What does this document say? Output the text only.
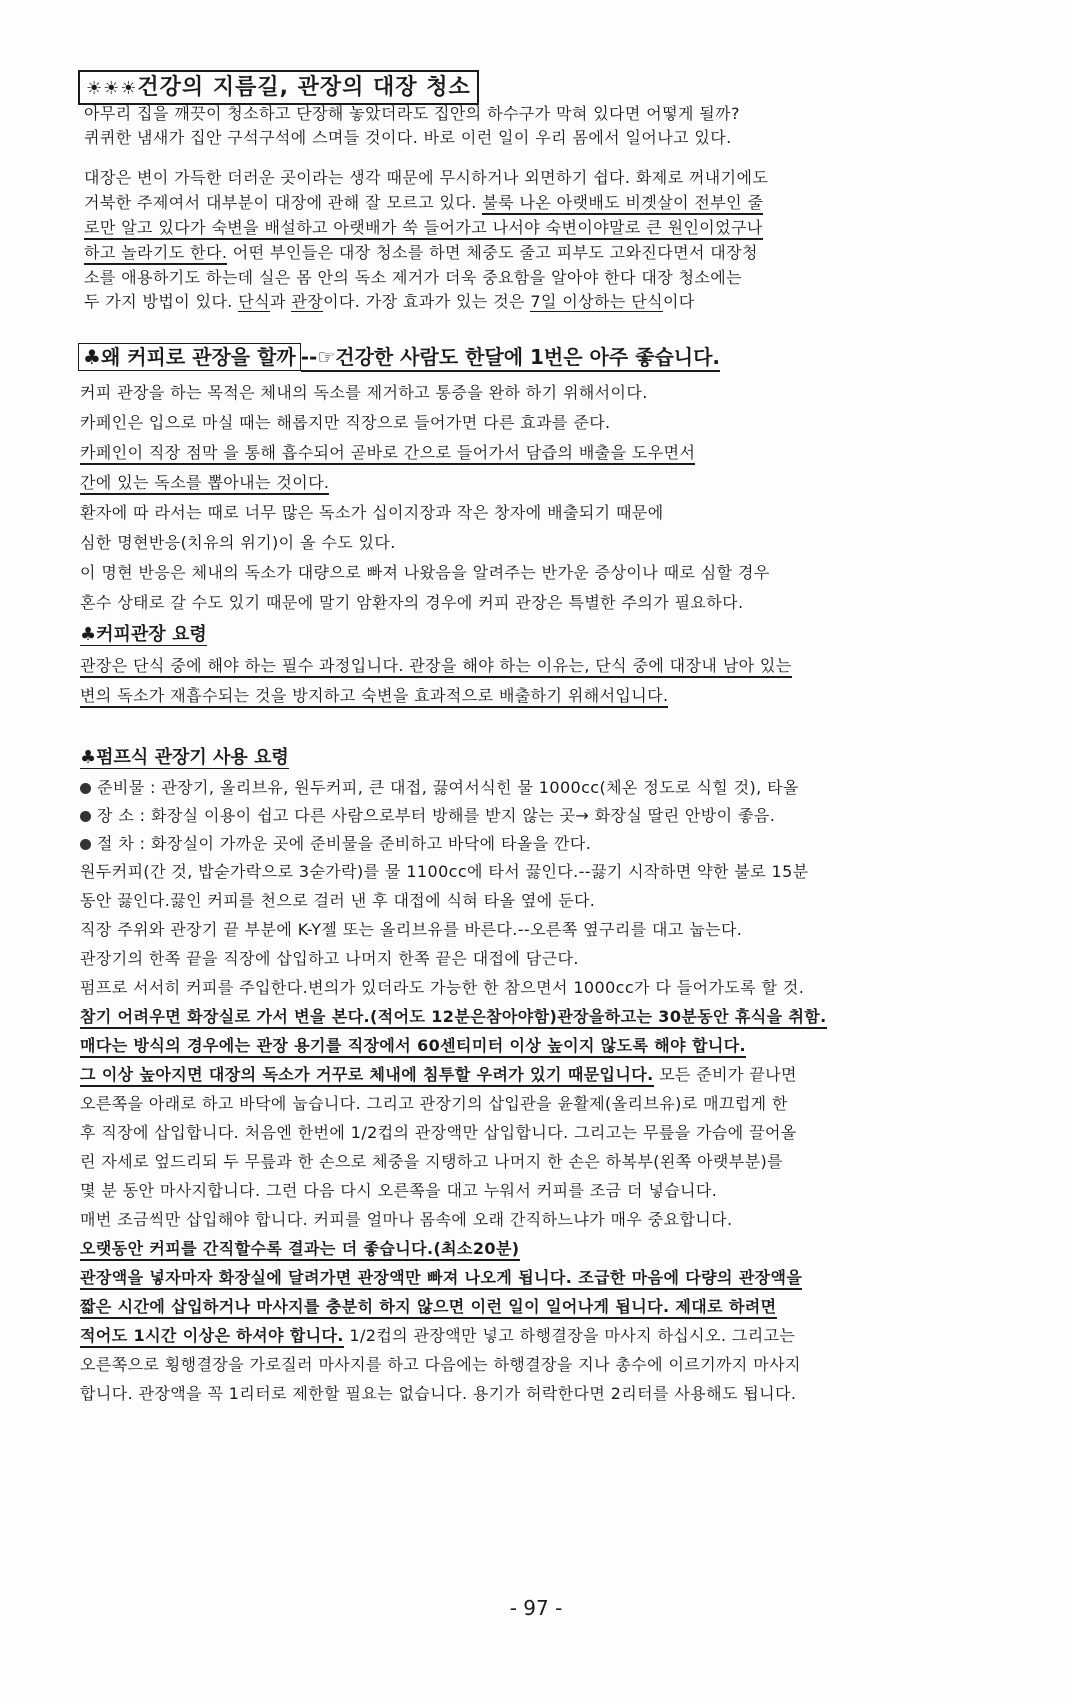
☀☀☀건강의 지름길, 관장의 대장 청소
아무리 집을 깨끗이 청소하고 단장해 놓았더라도 집안의 하수구가 막혀 있다면 어떻게 될까?
퀴퀴한 냄새가 집안 구석구석에 스며들 것이다. 바로 이런 일이 우리 몸에서 일어나고 있다.
대장은 변이 가득한 더러운 곳이라는 생각 때문에 무시하거나 외면하기 쉽다. 화제로 꺼내기에도
거북한 주제여서 대부분이 대장에 관해 잘 모르고 있다. 불룩 나온 아랫배도 비곗살이 전부인 줄
로만 알고 있다가 숙변을 배설하고 아랫배가 쑥 들어가고 나서야 숙변이야말로 큰 원인이었구나
하고 놀라기도 한다. 어떤 부인들은 대장 청소를 하면 체중도 줄고 피부도 고와진다면서 대장청
소를 애용하기도 하는데 실은 몸 안의 독소 제거가 더욱 중요함을 알아야 한다 대장 청소에는
두 가지 방법이 있다. 단식과 관장이다. 가장 효과가 있는 것은 7일 이상하는 단식이다
♣왜 커피로 관장을 할까 --☞건강한 사람도 한달에 1번은 아주 좋습니다.
커피 관장을 하는 목적은 체내의 독소를 제거하고 통증을 완하 하기 위해서이다.
카페인은 입으로 마실 때는 해롭지만 직장으로 들어가면 다른 효과를 준다.
카페인이 직장 점막 을 통해 흡수되어 곧바로 간으로 들어가서 담즙의 배출을 도우면서
간에 있는 독소를 뽑아내는 것이다.
환자에 따 라서는 때로 너무 많은 독소가 십이지장과 작은 창자에 배출되기 때문에
심한 명현반응(치유의 위기)이 올 수도 있다.
이 명현 반응은 체내의 독소가 대량으로 빠져 나왔음을 알려주는 반가운 증상이나 때로 심할 경우
혼수 상태로 갈 수도 있기 때문에 말기 암환자의 경우에 커피 관장은 특별한 주의가 필요하다.
♣커피관장 요령
관장은 단식 중에 해야 하는 필수 과정입니다. 관장을 해야 하는 이유는, 단식 중에 대장내 남아 있는
변의 독소가 재흡수되는 것을 방지하고 숙변을 효과적으로 배출하기 위해서입니다.
♣펌프식 관장기 사용 요령
준비물 : 관장기, 올리브유, 원두커피, 큰 대접, 끓여서식힌 물 1000cc(체온 정도로 식힐 것), 타올
장 소 : 화장실 이용이 쉽고 다른 사람으로부터 방해를 받지 않는 곳→ 화장실 딸린 안방이 좋음.
절 차 : 화장실이 가까운 곳에 준비물을 준비하고 바닥에 타올을 깐다.
원두커피(간 것, 밥숟가락으로 3숟가락)를 물 1100cc에 타서 끓인다.--끓기 시작하면 약한 불로 15분
동안 끓인다.끓인 커피를 천으로 걸러 낸 후 대접에 식혀 타올 옆에 둔다.
직장 주위와 관장기 끝 부분에 K-Y젤 또는 올리브유를 바른다.--오른쪽 옆구리를 대고 눕는다.
관장기의 한쪽 끝을 직장에 삽입하고 나머지 한쪽 끝은 대접에 담근다.
펌프로 서서히 커피를 주입한다.변의가 있더라도 가능한 한 참으면서 1000cc가 다 들어가도록 할 것.
참기 어려우면 화장실로 가서 변을 본다.(적어도 12분은참아야함)관장을하고는 30분동안 휴식을 취함.
매다는 방식의 경우에는 관장 용기를 직장에서 60센티미터 이상 높이지 않도록 해야 합니다.
그 이상 높아지면 대장의 독소가 거꾸로 체내에 침투할 우려가 있기 때문입니다. 모든 준비가 끝나면
오른쪽을 아래로 하고 바닥에 눕습니다. 그리고 관장기의 삽입관을 윤활제(올리브유)로 매끄럽게 한
후 직장에 삽입합니다. 처음엔 한번에 1/2컵의 관장액만 삽입합니다. 그리고는 무릎을 가슴에 끌어올
린 자세로 엎드리되 두 무릎과 한 손으로 체중을 지탱하고 나머지 한 손은 하복부(왼쪽 아랫부분)를
몇 분 동안 마사지합니다. 그런 다음 다시 오른쪽을 대고 누워서 커피를 조금 더 넣습니다.
매번 조금씩만 삽입해야 합니다. 커피를 얼마나 몸속에 오래 간직하느냐가 매우 중요합니다.
오랫동안 커피를 간직할수록 결과는 더 좋습니다.(최소20분)
관장액을 넣자마자 화장실에 달려가면 관장액만 빠져 나오게 됩니다. 조급한 마음에 다량의 관장액을
짧은 시간에 삽입하거나 마사지를 충분히 하지 않으면 이런 일이 일어나게 됩니다. 제대로 하려면
적어도 1시간 이상은 하셔야 합니다. 1/2컵의 관장액만 넣고 하행결장을 마사지 하십시오. 그리고는
오른쪽으로 횡행결장을 가로질러 마사지를 하고 다음에는 하행결장을 지나 총수에 이르기까지 마사지
합니다. 관장액을 꼭 1리터로 제한할 필요는 없습니다. 용기가 허락한다면 2리터를 사용해도 됩니다.
- 97 -
